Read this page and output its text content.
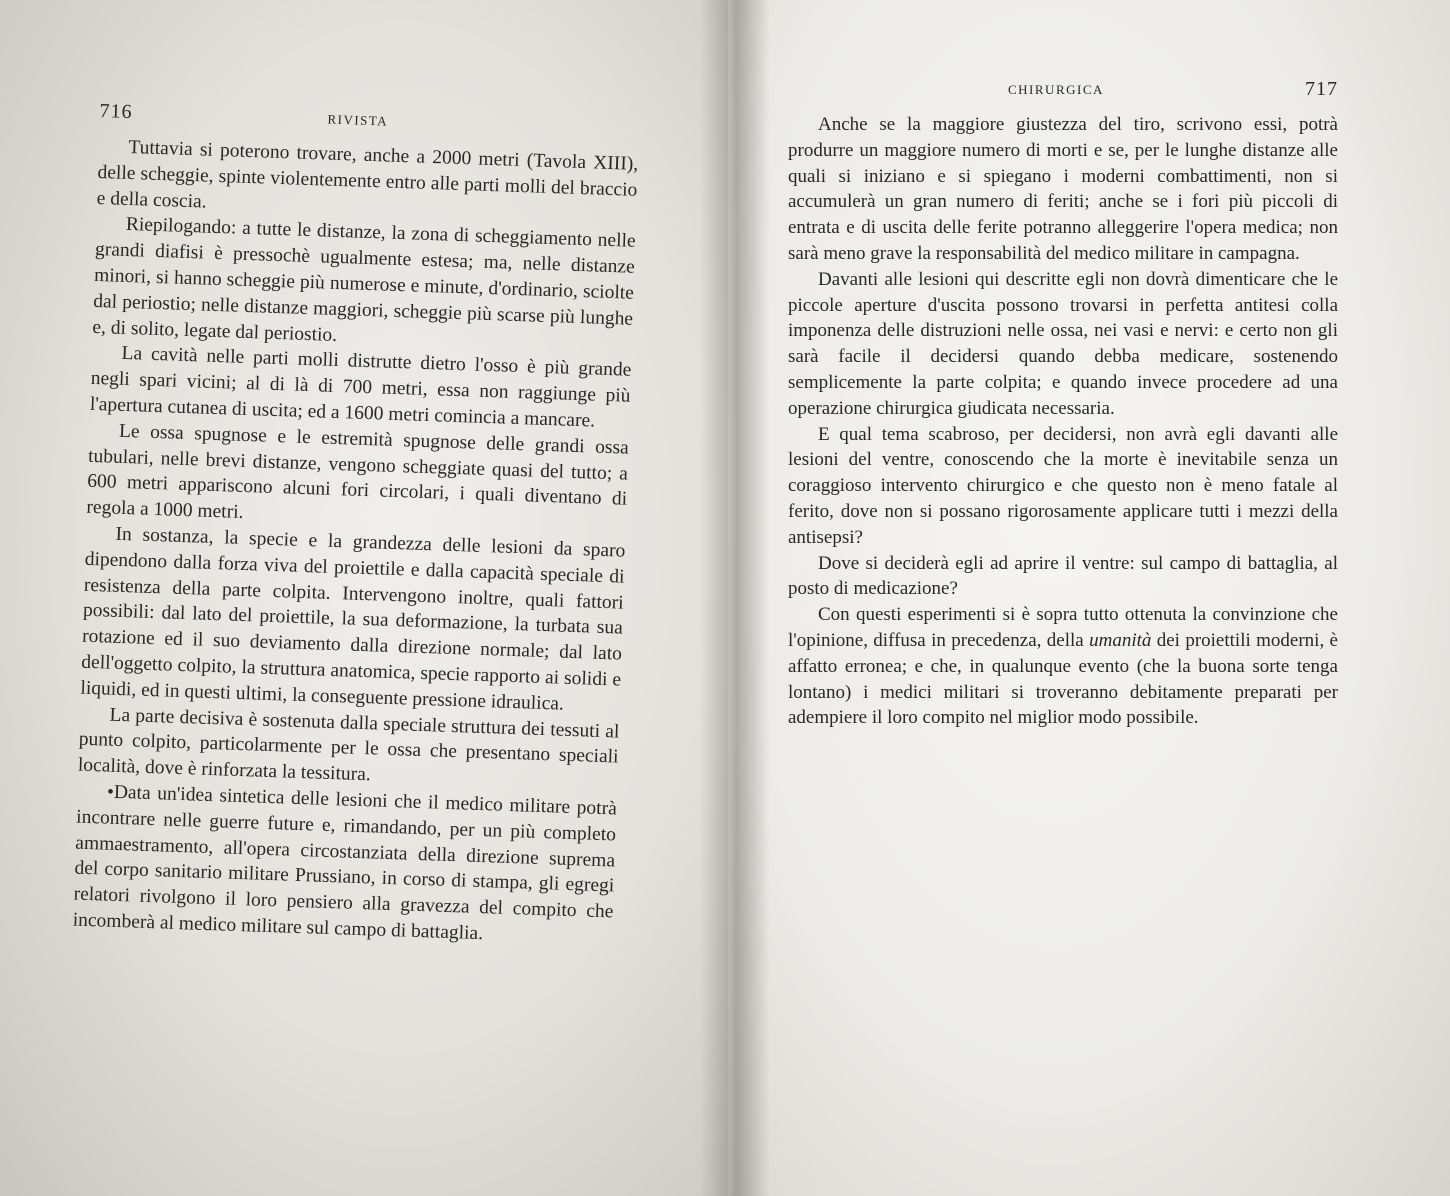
716	RIVISTA

Tuttavia si poterono trovare, anche a 2000 metri (Tavola XIII), delle scheggie, spinte violentemente entro alle parti molli del braccio e della coscia.

Riepilogando: a tutte le distanze, la zona di scheggiamento nelle grandi diafisi è pressochè ugualmente estesa; ma, nelle distanze minori, si hanno scheggie più numerose e minute, d'ordinario, sciolte dal periostio; nelle distanze maggiori, scheggie più scarse più lunghe e, di solito, legate dal periostio.

La cavità nelle parti molli distrutte dietro l'osso è più grande negli spari vicini; al di là di 700 metri, essa non raggiunge più l'apertura cutanea di uscita; ed a 1600 metri comincia a mancare.

Le ossa spugnose e le estremità spugnose delle grandi ossa tubulari, nelle brevi distanze, vengono scheggiate quasi del tutto; a 600 metri appariscono alcuni fori circolari, i quali diventano di regola a 1000 metri.

In sostanza, la specie e la grandezza delle lesioni da sparo dipendono dalla forza viva del proiettile e dalla capacità speciale di resistenza della parte colpita. Intervengono inoltre, quali fattori possibili: dal lato del proiettile, la sua deformazione, la turbata sua rotazione ed il suo deviamento dalla direzione normale; dal lato dell'oggetto colpito, la struttura anatomica, specie rapporto ai solidi e liquidi, ed in questi ultimi, la conseguente pressione idraulica.

La parte decisiva è sostenuta dalla speciale struttura dei tessuti al punto colpito, particolarmente per le ossa che presentano speciali località, dove è rinforzata la tessitura.

•Data un'idea sintetica delle lesioni che il medico militare potrà incontrare nelle guerre future e, rimandando, per un più completo ammaestramento, all'opera circostanziata della direzione suprema del corpo sanitario militare Prussiano, in corso di stampa, gli egregi relatori rivolgono il loro pensiero alla gravezza del compito che incomberà al medico militare sul campo di battaglia.

CHIRURGICA	717

Anche se la maggiore giustezza del tiro, scrivono essi, potrà produrre un maggiore numero di morti e se, per le lunghe distanze alle quali si iniziano e si spiegano i moderni combattimenti, non si accumulerà un gran numero di feriti; anche se i fori più piccoli di entrata e di uscita delle ferite potranno alleggerire l'opera medica; non sarà meno grave la responsabilità del medico militare in campagna.

Davanti alle lesioni qui descritte egli non dovrà dimenticare che le piccole aperture d'uscita possono trovarsi in perfetta antitesi colla imponenza delle distruzioni nelle ossa, nei vasi e nervi: e certo non gli sarà facile il decidersi quando debba medicare, sostenendo semplicemente la parte colpita; e quando invece procedere ad una operazione chirurgica giudicata necessaria.

E qual tema scabroso, per decidersi, non avrà egli davanti alle lesioni del ventre, conoscendo che la morte è inevitabile senza un coraggioso intervento chirurgico e che questo non è meno fatale al ferito, dove non si possano rigorosamente applicare tutti i mezzi della antisepsi?

Dove si deciderà egli ad aprire il ventre: sul campo di battaglia, al posto di medicazione?

Con questi esperimenti si è sopra tutto ottenuta la convinzione che l'opinione, diffusa in precedenza, della umanità dei proiettili moderni, è affatto erronea; e che, in qualunque evento (che la buona sorte tenga lontano) i medici militari si troveranno debitamente preparati per adempiere il loro compito nel miglior modo possibile.
